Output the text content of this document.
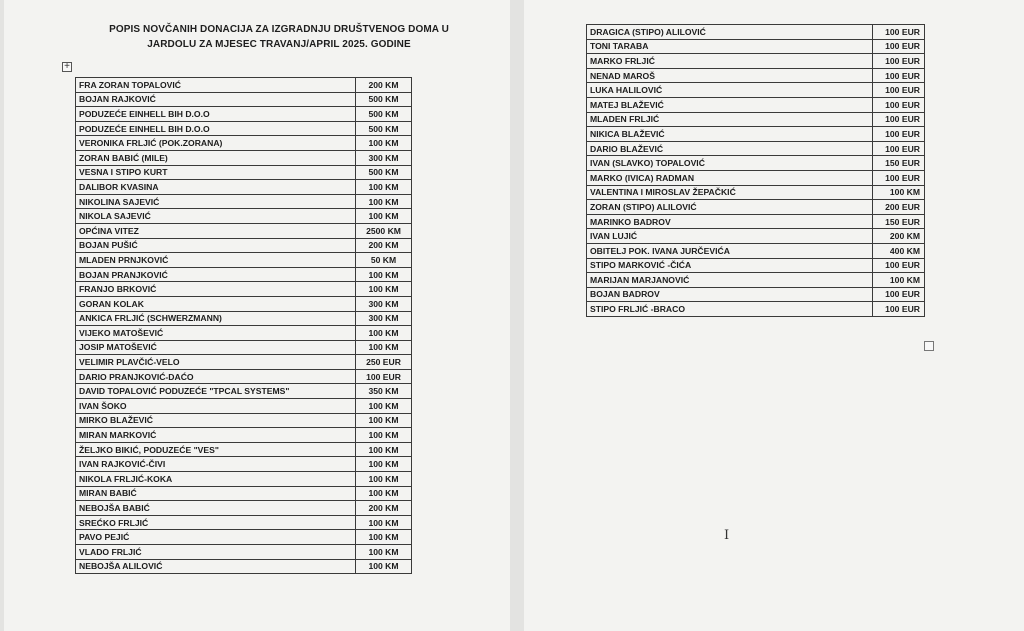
POPIS NOVČANIH DONACIJA ZA IZGRADNJU DRUŠTVENOG DOMA U
JARDOLU ZA MJESEC TRAVANJ/APRIL 2025. GODINE
+
FRA ZORAN TOPALOVIĆ	200 KM
BOJAN RAJKOVIĆ	500 KM
PODUZEĆE EINHELL BIH D.O.O	500 KM
PODUZEĆE EINHELL BIH D.O.O	500 KM
VERONIKA FRLJIĆ (POK.ZORANA)	100 KM
ZORAN BABIĆ (MILE)	300 KM
VESNA I STIPO KURT	500 KM
DALIBOR KVASINA	100 KM
NIKOLINA SAJEVIĆ	100 KM
NIKOLA SAJEVIĆ	100 KM
OPĆINA VITEZ	2500 KM
BOJAN PUŠIĆ	200 KM
MLADEN PRNJKOVIĆ	50 KM
BOJAN PRANJKOVIĆ	100 KM
FRANJO BRKOVIĆ	100 KM
GORAN KOLAK	300 KM
ANKICA FRLJIĆ (SCHWERZMANN)	300 KM
VIJEKO MATOŠEVIĆ	100 KM
JOSIP MATOŠEVIĆ	100 KM
VELIMIR PLAVČIĆ-VELO	250 EUR
DARIO PRANJKOVIĆ-DAĆO	100 EUR
DAVID TOPALOVIĆ PODUZEĆE "TPCAL SYSTEMS"	350 KM
IVAN ŠOKO	100 KM
MIRKO BLAŽEVIĆ	100 KM
MIRAN MARKOVIĆ	100 KM
ŽELJKO BIKIĆ, PODUZEĆE "VES"	100 KM
IVAN RAJKOVIĆ-ČIVI	100 KM
NIKOLA FRLJIĆ-KOKA	100 KM
MIRAN BABIĆ	100 KM
NEBOJŠA BABIĆ	200 KM
SREĆKO FRLJIĆ	100 KM
PAVO PEJIĆ	100 KM
VLADO FRLJIĆ	100 KM
NEBOJŠA ALILOVIĆ	100 KM
DRAGICA (STIPO) ALILOVIĆ	100 EUR
TONI TARABA	100 EUR
MARKO FRLJIĆ	100 EUR
NENAD MAROŠ	100 EUR
LUKA HALILOVIĆ	100 EUR
MATEJ BLAŽEVIĆ	100 EUR
MLADEN FRLJIĆ	100 EUR
NIKICA BLAŽEVIĆ	100 EUR
DARIO BLAŽEVIĆ	100 EUR
IVAN (SLAVKO) TOPALOVIĆ	150 EUR
MARKO (IVICA) RADMAN	100 EUR
VALENTINA I MIROSLAV ŽEPAČKIĆ	100 KM
ZORAN (STIPO) ALILOVIĆ	200 EUR
MARINKO BADROV	150 EUR
IVAN LUJIĆ	200 KM
OBITELJ POK. IVANA JURČEVIĆA	400 KM
STIPO MARKOVIĆ -ČIĆA	100 EUR
MARIJAN MARJANOVIĆ	100 KM
BOJAN BADROV	100 EUR
STIPO FRLJIĆ -BRACO	100 EUR
I
